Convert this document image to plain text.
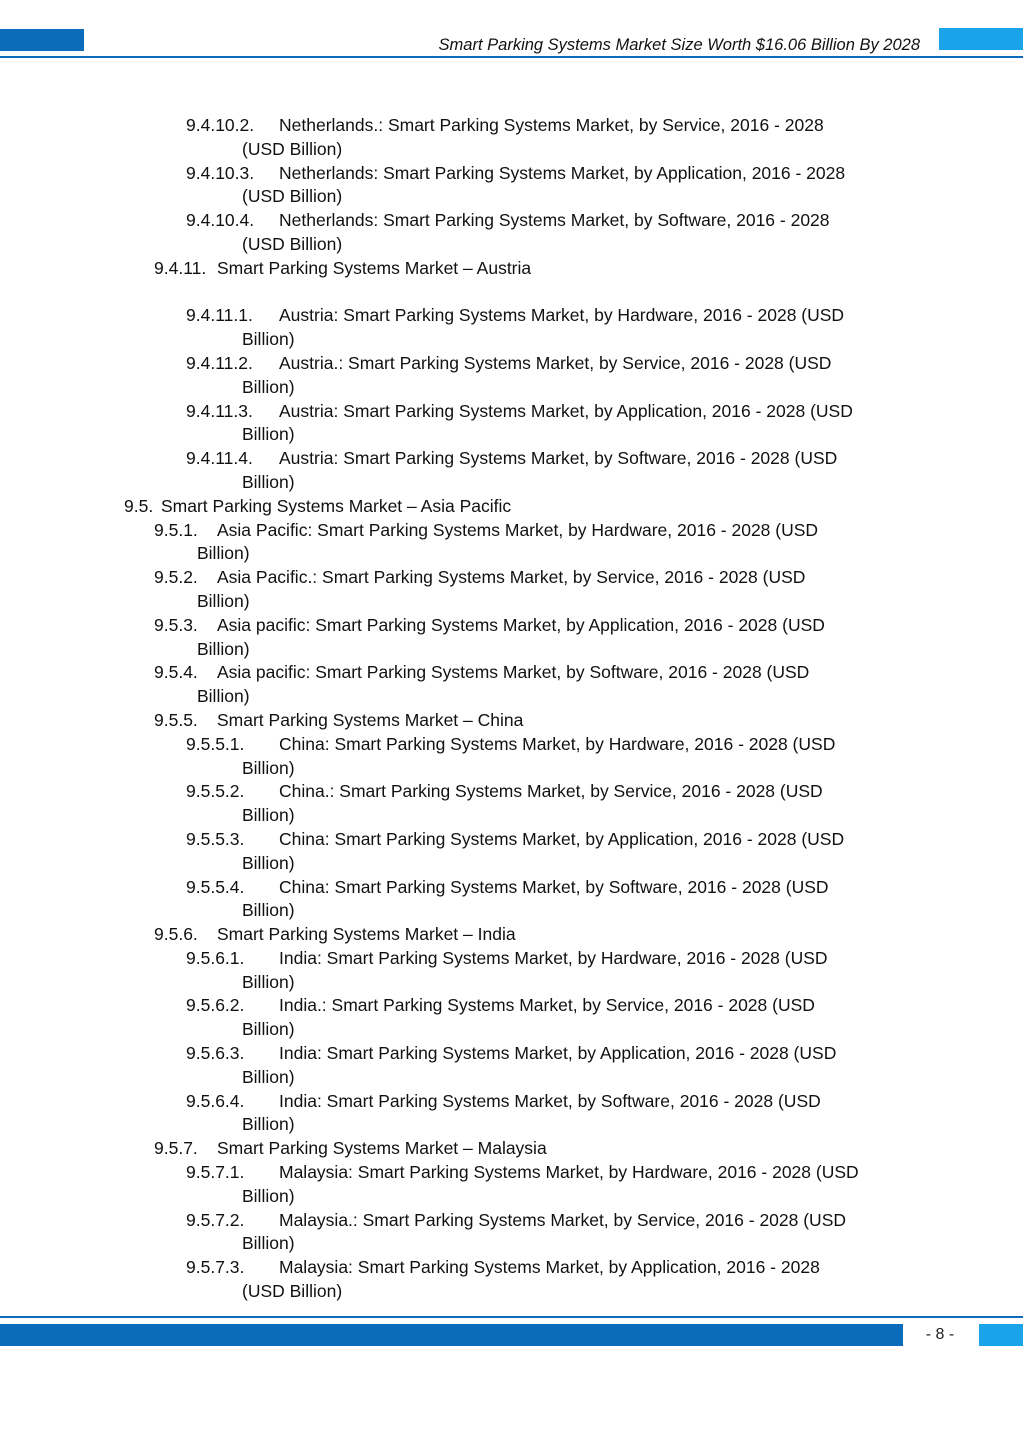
Smart Parking Systems Market Size Worth $16.06 Billion By 2028
9.4.10.2.	Netherlands.: Smart Parking Systems Market, by Service, 2016 - 2028
(USD Billion)
9.4.10.3.	Netherlands: Smart Parking Systems Market, by Application, 2016 - 2028
(USD Billion)
9.4.10.4.	Netherlands: Smart Parking Systems Market, by Software, 2016 - 2028
(USD Billion)
9.4.11. Smart Parking Systems Market – Austria
9.4.11.1.	Austria: Smart Parking Systems Market, by Hardware, 2016 - 2028 (USD
Billion)
9.4.11.2.	Austria.: Smart Parking Systems Market, by Service, 2016 - 2028 (USD
Billion)
9.4.11.3.	Austria: Smart Parking Systems Market, by Application, 2016 - 2028 (USD
Billion)
9.4.11.4.	Austria: Smart Parking Systems Market, by Software, 2016 - 2028 (USD
Billion)
9.5. Smart Parking Systems Market – Asia Pacific
9.5.1.	Asia Pacific: Smart Parking Systems Market, by Hardware, 2016 - 2028 (USD
Billion)
9.5.2.	Asia Pacific.: Smart Parking Systems Market, by Service, 2016 - 2028 (USD
Billion)
9.5.3.	Asia pacific: Smart Parking Systems Market, by Application, 2016 - 2028 (USD
Billion)
9.5.4.	Asia pacific: Smart Parking Systems Market, by Software, 2016 - 2028 (USD
Billion)
9.5.5.	Smart Parking Systems Market – China
9.5.5.1.	China: Smart Parking Systems Market, by Hardware, 2016 - 2028 (USD
Billion)
9.5.5.2.	China.: Smart Parking Systems Market, by Service, 2016 - 2028 (USD
Billion)
9.5.5.3.	China: Smart Parking Systems Market, by Application, 2016 - 2028 (USD
Billion)
9.5.5.4.	China: Smart Parking Systems Market, by Software, 2016 - 2028 (USD
Billion)
9.5.6.	Smart Parking Systems Market – India
9.5.6.1.	India: Smart Parking Systems Market, by Hardware, 2016 - 2028 (USD
Billion)
9.5.6.2.	India.: Smart Parking Systems Market, by Service, 2016 - 2028 (USD
Billion)
9.5.6.3.	India: Smart Parking Systems Market, by Application, 2016 - 2028 (USD
Billion)
9.5.6.4.	India: Smart Parking Systems Market, by Software, 2016 - 2028 (USD
Billion)
9.5.7.	Smart Parking Systems Market – Malaysia
9.5.7.1.	Malaysia: Smart Parking Systems Market, by Hardware, 2016 - 2028 (USD
Billion)
9.5.7.2.	Malaysia.: Smart Parking Systems Market, by Service, 2016 - 2028 (USD
Billion)
9.5.7.3.	Malaysia: Smart Parking Systems Market, by Application, 2016 - 2028
(USD Billion)
- 8 -
